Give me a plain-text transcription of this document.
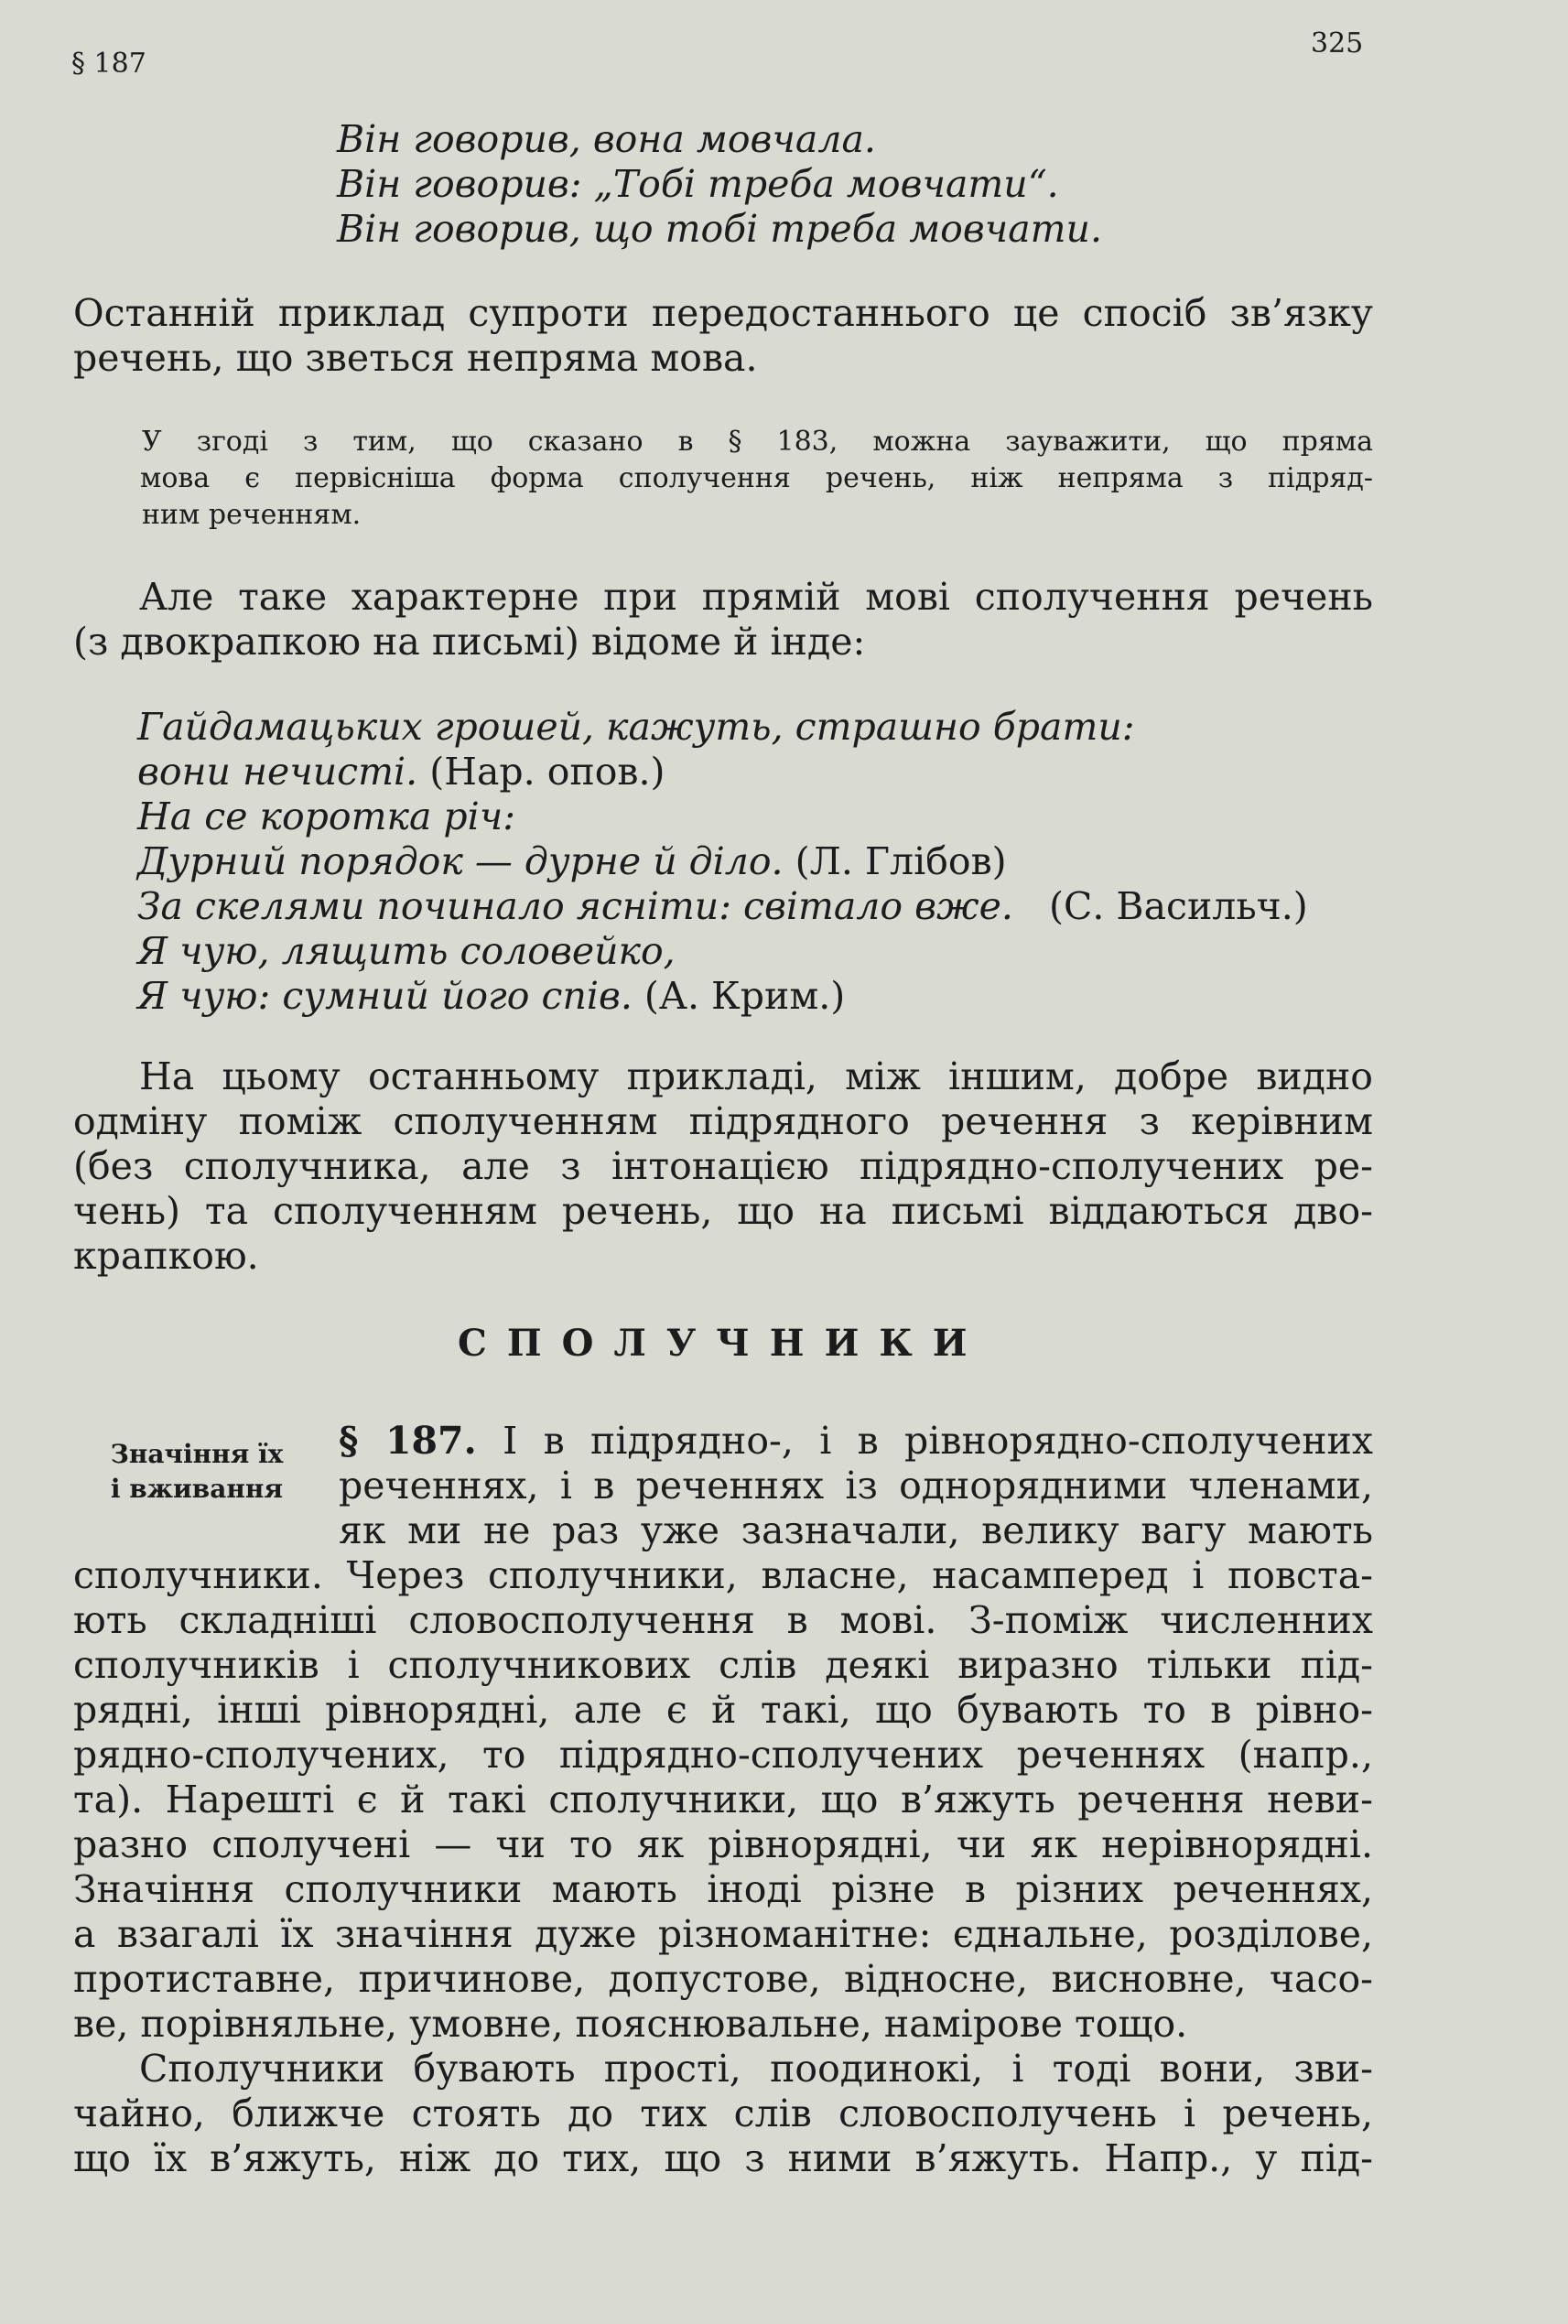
§ 187
325
Він говорив, вона мовчала.
Він говорив: „Тобі треба мовчати“.
Він говорив, що тобі треба мовчати.
Останній приклад супроти передостаннього це спосіб зв’язку
речень, що зветься непряма мова.
У згоді з тим, що сказано в § 183, можна зауважити, що пряма
мова є первісніша форма сполучення речень, ніж непряма з підряд-
ним реченням.
Але таке характерне при прямій мові сполучення речень
(з двокрапкою на письмі) відоме й інде:
Гайдамацьких грошей, кажуть, страшно брати:
вони нечисті. (Нар. опов.)
На се коротка річ:
Дурний порядок — дурне й діло. (Л. Глібов)
За скелями починало ясніти: світало вже.   (С. Васильч.)
Я чую, лящить соловейко,
Я чую: сумний його спів. (А. Крим.)
На цьому останньому прикладі, між іншим, добре видно
одміну поміж сполученням підрядного речення з керівним
(без сполучника, але з інтонацією підрядно-сполучених ре-
чень) та сполученням речень, що на письмі віддаються дво-
крапкою.
СПОЛУЧНИКИ
Значіння їх
і вживання
§ 187. І в підрядно-, і в рівнорядно-сполучених
реченнях, і в реченнях із однорядними членами,
як ми не раз уже зазначали, велику вагу мають
сполучники. Через сполучники, власне, насамперед і повста-
ють складніші словосполучення в мові. З-поміж численних
сполучників і сполучникових слів деякі виразно тільки під-
рядні, інші рівнорядні, але є й такі, що бувають то в рівно-
рядно-сполучених, то підрядно-сполучених реченнях (напр.,
та). Нарешті є й такі сполучники, що в’яжуть речення неви-
разно сполучені — чи то як рівнорядні, чи як нерівнорядні.
Значіння сполучники мають іноді різне в різних реченнях,
а взагалі їх значіння дуже різноманітне: єднальне, розділове,
протиставне, причинове, допустове, відносне, висновне, часо-
ве, порівняльне, умовне, пояснювальне, намірове тощо.
Сполучники бувають прості, поодинокі, і тоді вони, зви-
чайно, ближче стоять до тих слів словосполучень і речень,
що їх в’яжуть, ніж до тих, що з ними в’яжуть. Напр., у під-
